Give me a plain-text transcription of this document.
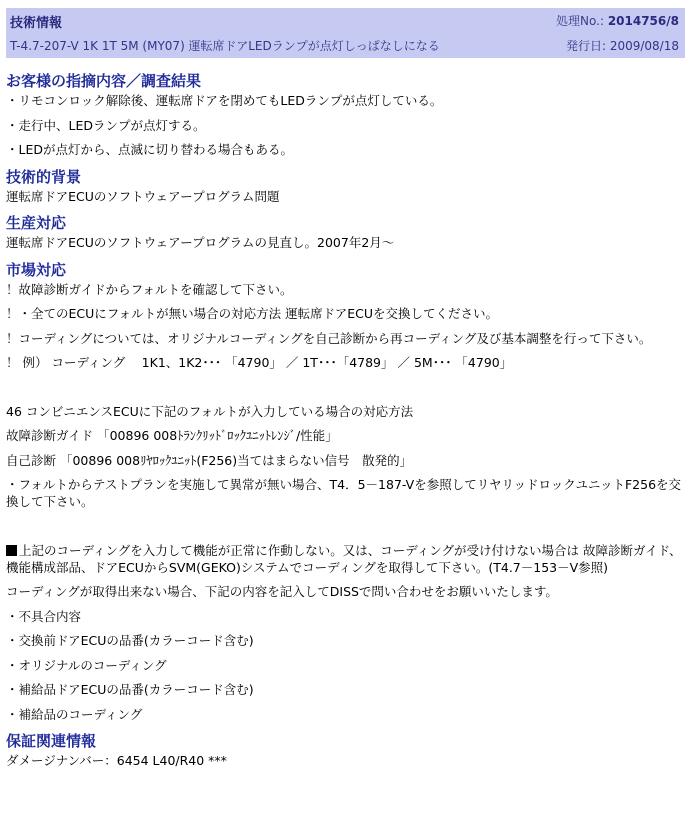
技術情報	処理No.: 2014756/8
T-4.7-207-V 1K 1T 5M (MY07) 運転席ドアLEDランプが点灯しっぱなしになる	発行日: 2009/08/18

お客様の指摘内容／調査結果

・リモコンロック解除後、運転席ドアを閉めてもLEDランプが点灯している。

・走行中、LEDランプが点灯する。

・LEDが点灯から、点滅に切り替わる場合もある。

技術的背景

運転席ドアECUのソフトウェアープログラム問題

生産対応

運転席ドアECUのソフトウェアープログラムの見直し。2007年2月～

市場対応

！故障診断ガイドからフォルトを確認して下さい。

！・全てのECUにフォルトが無い場合の対応方法 運転席ドアECUを交換してください。

！コーディングについては、オリジナルコーディングを自己診断から再コーディング及び基本調整を行って下さい。

！ 例） コーディング　 1K1、1K2･･･ 「4790」 ／ 1T･･･「4789」 ／ 5M･･･ 「4790」

46 コンビニエンスECUに下記のフォルトが入力している場合の対応方法

故障診断ガイド 「00896 008ﾄﾗﾝｸﾘｯﾄﾞﾛｯｸﾕﾆｯﾄﾚﾝｼﾞ/性能」

自己診断 「00896 008ﾘﾔﾛｯｸﾕﾆｯﾄ(F256)当てはまらない信号　散発的」

・フォルトからテストプランを実施して異常が無い場合、T4．5－187-Vを参照してリヤリッドロックユニットF256を交換して下さい。

上記のコーディングを入力して機能が正常に作動しない。又は、コーディングが受け付けない場合は 故障診断ガイド、機能構成部品、ドアECUからSVM(GEKO)システムでコーディングを取得して下さい。(T4.7－153－V参照)

コーディングが取得出来ない場合、下記の内容を記入してDISSで問い合わせをお願いいたします。

・不具合内容

・交換前ドアECUの品番(カラーコード含む)

・オリジナルのコーディング

・補給品ドアECUの品番(カラーコード含む)

・補給品のコーディング

保証関連情報

ダメージナンバー：6454 L40/R40 ***
